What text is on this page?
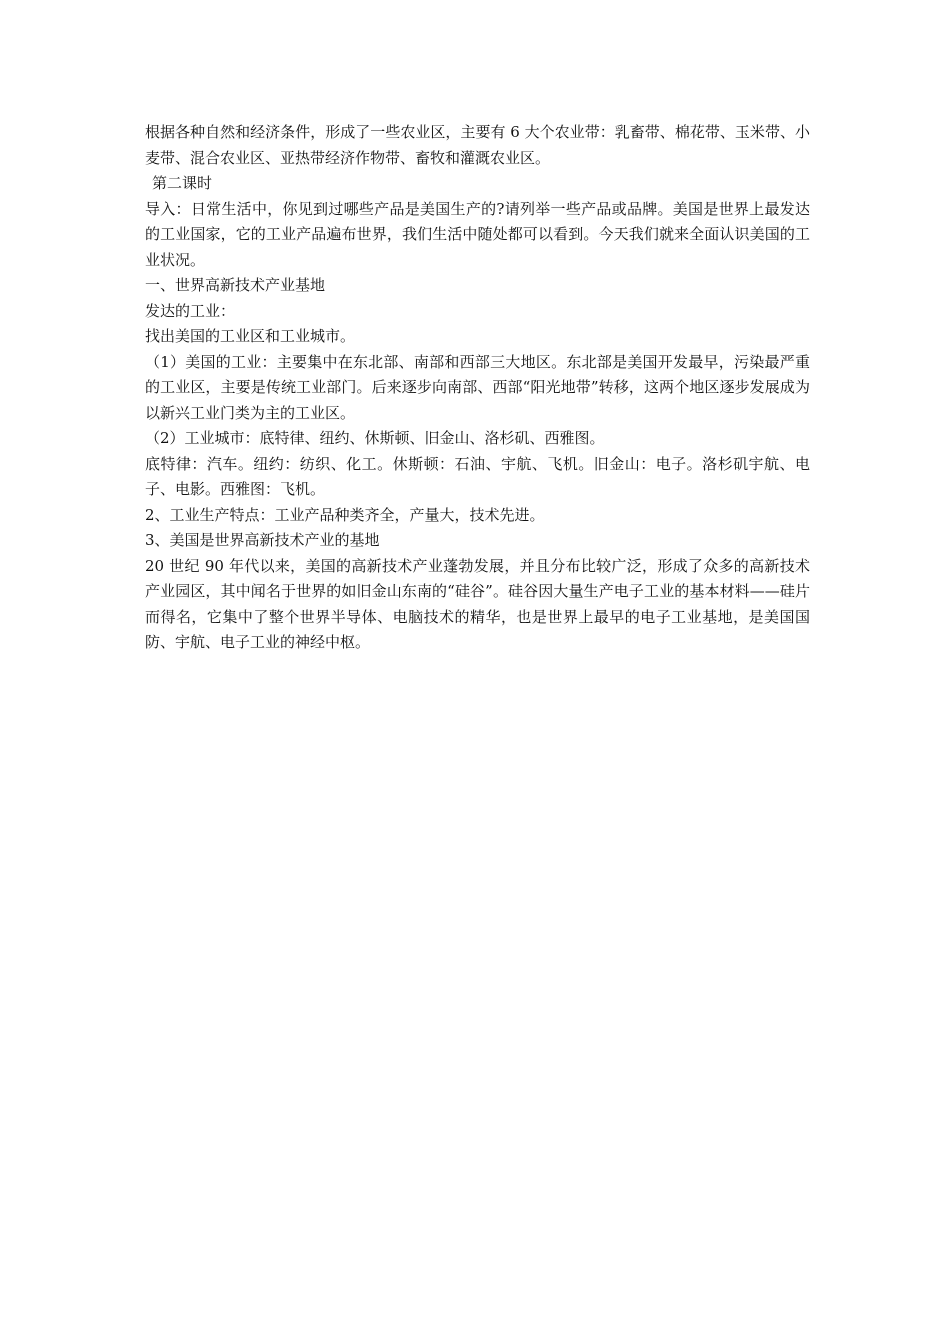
根据各种自然和经济条件，形成了一些农业区，主要有 6 大个农业带：乳畜带、棉花带、玉米带、小麦带、混合农业区、亚热带经济作物带、畜牧和灌溉农业区。

第二课时

导入：日常生活中，你见到过哪些产品是美国生产的?请列举一些产品或品牌。美国是世界上最发达的工业国家，它的工业产品遍布世界，我们生活中随处都可以看到。今天我们就来全面认识美国的工业状况。

一、世界高新技术产业基地

发达的工业：

找出美国的工业区和工业城市。

（1）美国的工业：主要集中在东北部、南部和西部三大地区。东北部是美国开发最早，污染最严重的工业区，主要是传统工业部门。后来逐步向南部、西部“阳光地带”转移，这两个地区逐步发展成为以新兴工业门类为主的工业区。

（2）工业城市：底特律、纽约、休斯顿、旧金山、洛杉矶、西雅图。

底特律：汽车。纽约：纺织、化工。休斯顿：石油、宇航、飞机。旧金山：电子。洛杉矶宇航、电子、电影。西雅图：飞机。

2、工业生产特点：工业产品种类齐全，产量大，技术先进。

3、美国是世界高新技术产业的基地

20 世纪 90 年代以来，美国的高新技术产业蓬勃发展，并且分布比较广泛，形成了众多的高新技术产业园区，其中闻名于世界的如旧金山东南的“硅谷”。硅谷因大量生产电子工业的基本材料——硅片而得名，它集中了整个世界半导体、电脑技术的精华，也是世界上最早的电子工业基地，是美国国防、宇航、电子工业的神经中枢。
